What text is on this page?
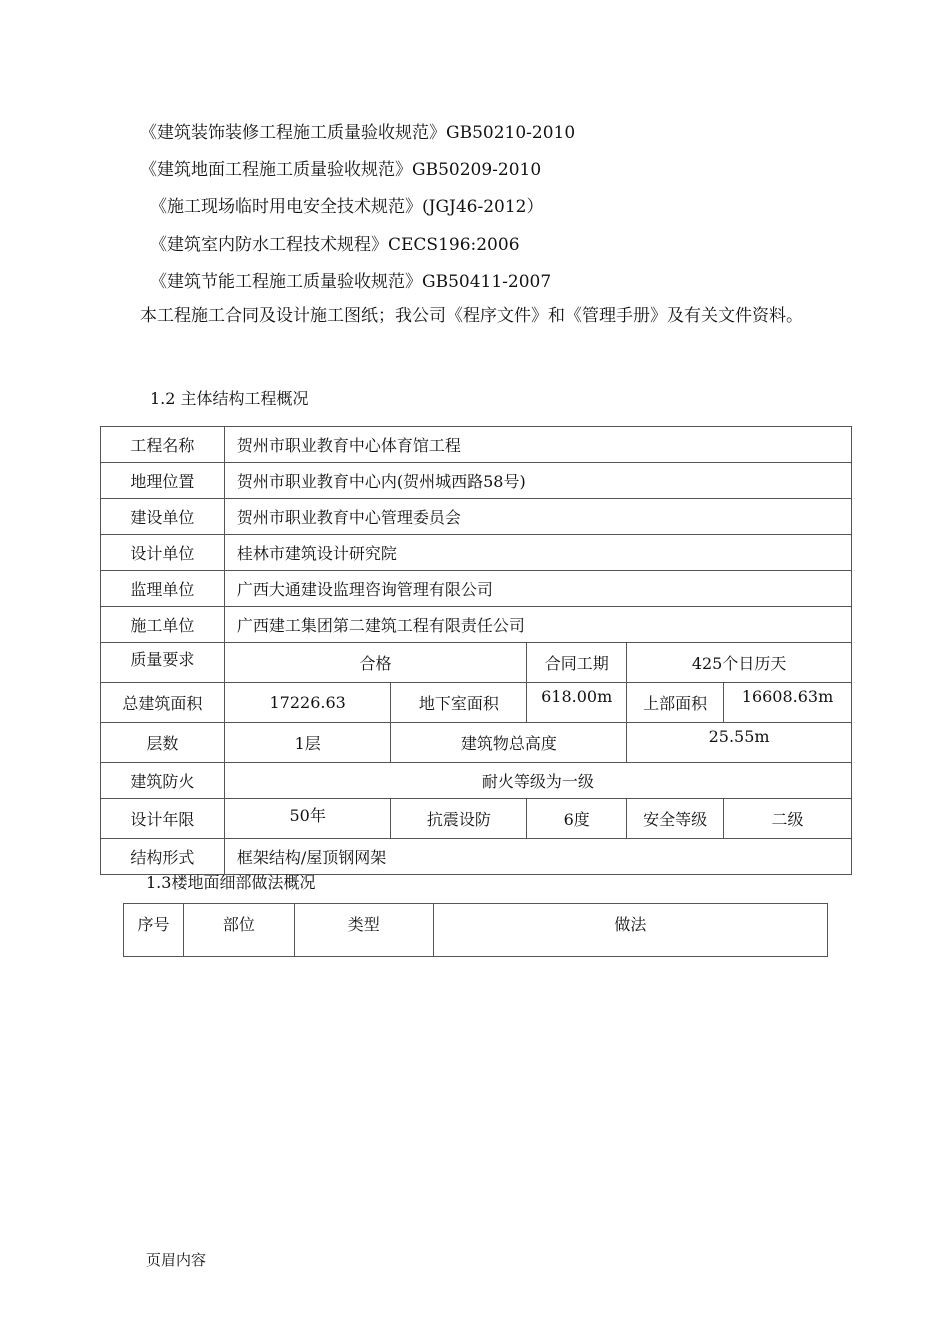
《建筑装饰装修工程施工质量验收规范》GB50210-2010
《建筑地面工程施工质量验收规范》GB50209-2010
《施工现场临时用电安全技术规范》(JGJ46-2012）
《建筑室内防水工程技术规程》CECS196:2006
《建筑节能工程施工质量验收规范》GB50411-2007
本工程施工合同及设计施工图纸；我公司《程序文件》和《管理手册》及有关文件资料。
1.2 主体结构工程概况
工程名称	贺州市职业教育中心体育馆工程				
地理位置	贺州市职业教育中心内(贺州城西路58号)				
建设单位	贺州市职业教育中心管理委员会				
设计单位	桂林市建筑设计研究院				
监理单位	广西大通建设监理咨询管理有限公司				
施工单位	广西建工集团第二建筑工程有限责任公司				
质量要求	合格		合同工期	425个日历天	
总建筑面积	17226.63	地下室面积	618.00m	上部面积	16608.63m
层数	1层	建筑物总高度		25.55m	
建筑防火	耐火等级为一级				
设计年限	50年	抗震设防	6度	安全等级	二级
结构形式	框架结构/屋顶钢网架				
1.3楼地面细部做法概况
序号	部位	类型	做法
页眉内容
